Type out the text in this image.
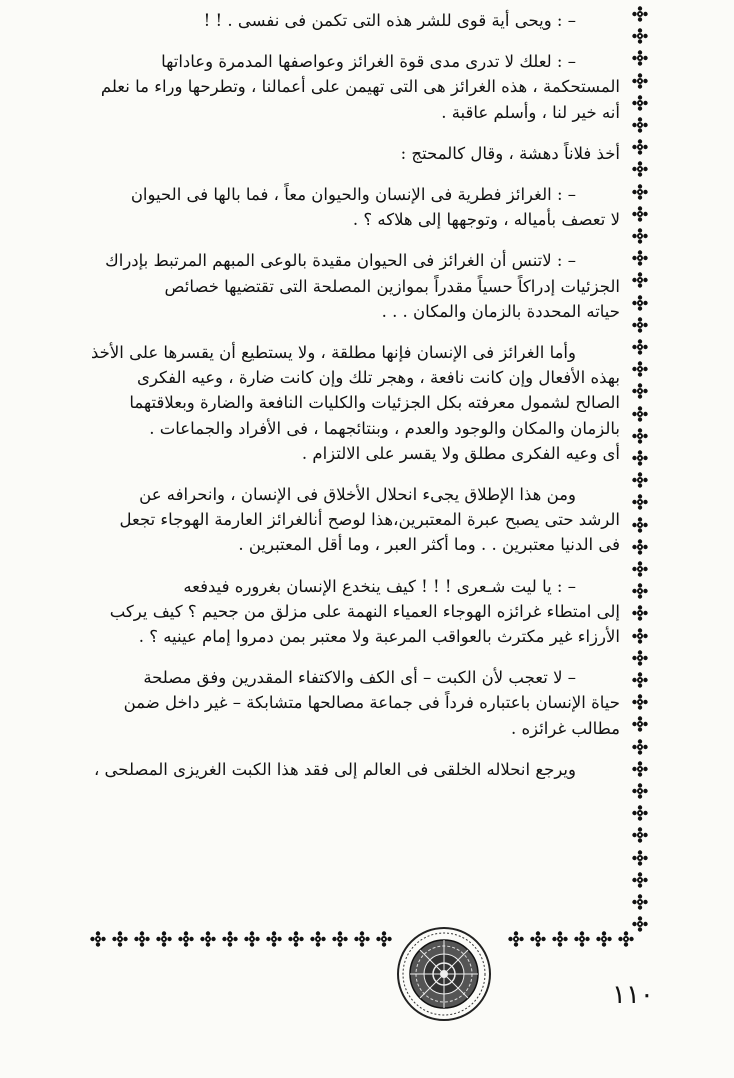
– : ويحى أية قوى للشر هذه التى تكمن فى نفسى . ! !

– : لعلك لا تدرى مدى قوة الغرائز وعواصفها المدمرة وعاداتها
المستحكمة ، هذه الغرائز هى التى تهيمن على أعمالنا ، وتطرحها وراء ما نعلم
أنه خير لنا ، وأسلم عاقبة .

أخذ فلاناً دهشة ، وقال كالمحتج :

– : الغرائز فطرية فى الإنسان والحيوان معاً ، فما بالها فى الحيوان
لا تعصف بأمياله ، وتوجهها إلى هلاكه ؟ .

– : لاتنس أن الغرائز فى الحيوان مقيدة بالوعى المبهم المرتبط بإدراك
الجزئيات إدراكاً حسياً مقدراً بموازين المصلحة التى تقتضيها خصائص
حياته المحددة بالزمان والمكان . . .

وأما الغرائز فى الإنسان فإنها مطلقة ، ولا يستطيع أن يقسرها على الأخذ
بهذه الأفعال وإن كانت نافعة ، وهجر تلك وإن كانت ضارة ، وعيه الفكرى
الصالح لشمول معرفته بكل الجزئيات والكليات النافعة والضارة وبعلاقتهما
بالزمان والمكان والوجود والعدم ، وبنتائجهما ، فى الأفراد والجماعات .
أى وعيه الفكرى مطلق ولا يقسر على الالتزام .

ومن هذا الإطلاق يجىء انحلال الأخلاق فى الإنسان ، وانحرافه عن
الرشد حتى يصبح عبرة المعتبرين،هذا لوصح أنالغرائز العارمة الهوجاء تجعل
فى الدنيا معتبرين . . وما أكثر العبر ، وما أقل المعتبرين .

– : يا ليت شـعرى ! ! ! كيف ينخدع الإنسان بغروره فيدفعه
إلى امتطاء غرائزه الهوجاء العمياء النهمة على مزلق من جحيم ؟ كيف يركب
الأرزاء غير مكترث بالعواقب المرعبة ولا معتبر بمن دمروا إمام عينيه ؟ .

– لا تعجب لأن الكبت – أى الكف والاكتفاء المقدرين وفق مصلحة
حياة الإنسان باعتباره فرداً فى جماعة مصالحها متشابكة – غير داخل ضمن
مطالب غرائزه .

ويرجع انحلاله الخلقى فى العالم إلى فقد هذا الكبت الغريزى المصلحى ،

١١٠
